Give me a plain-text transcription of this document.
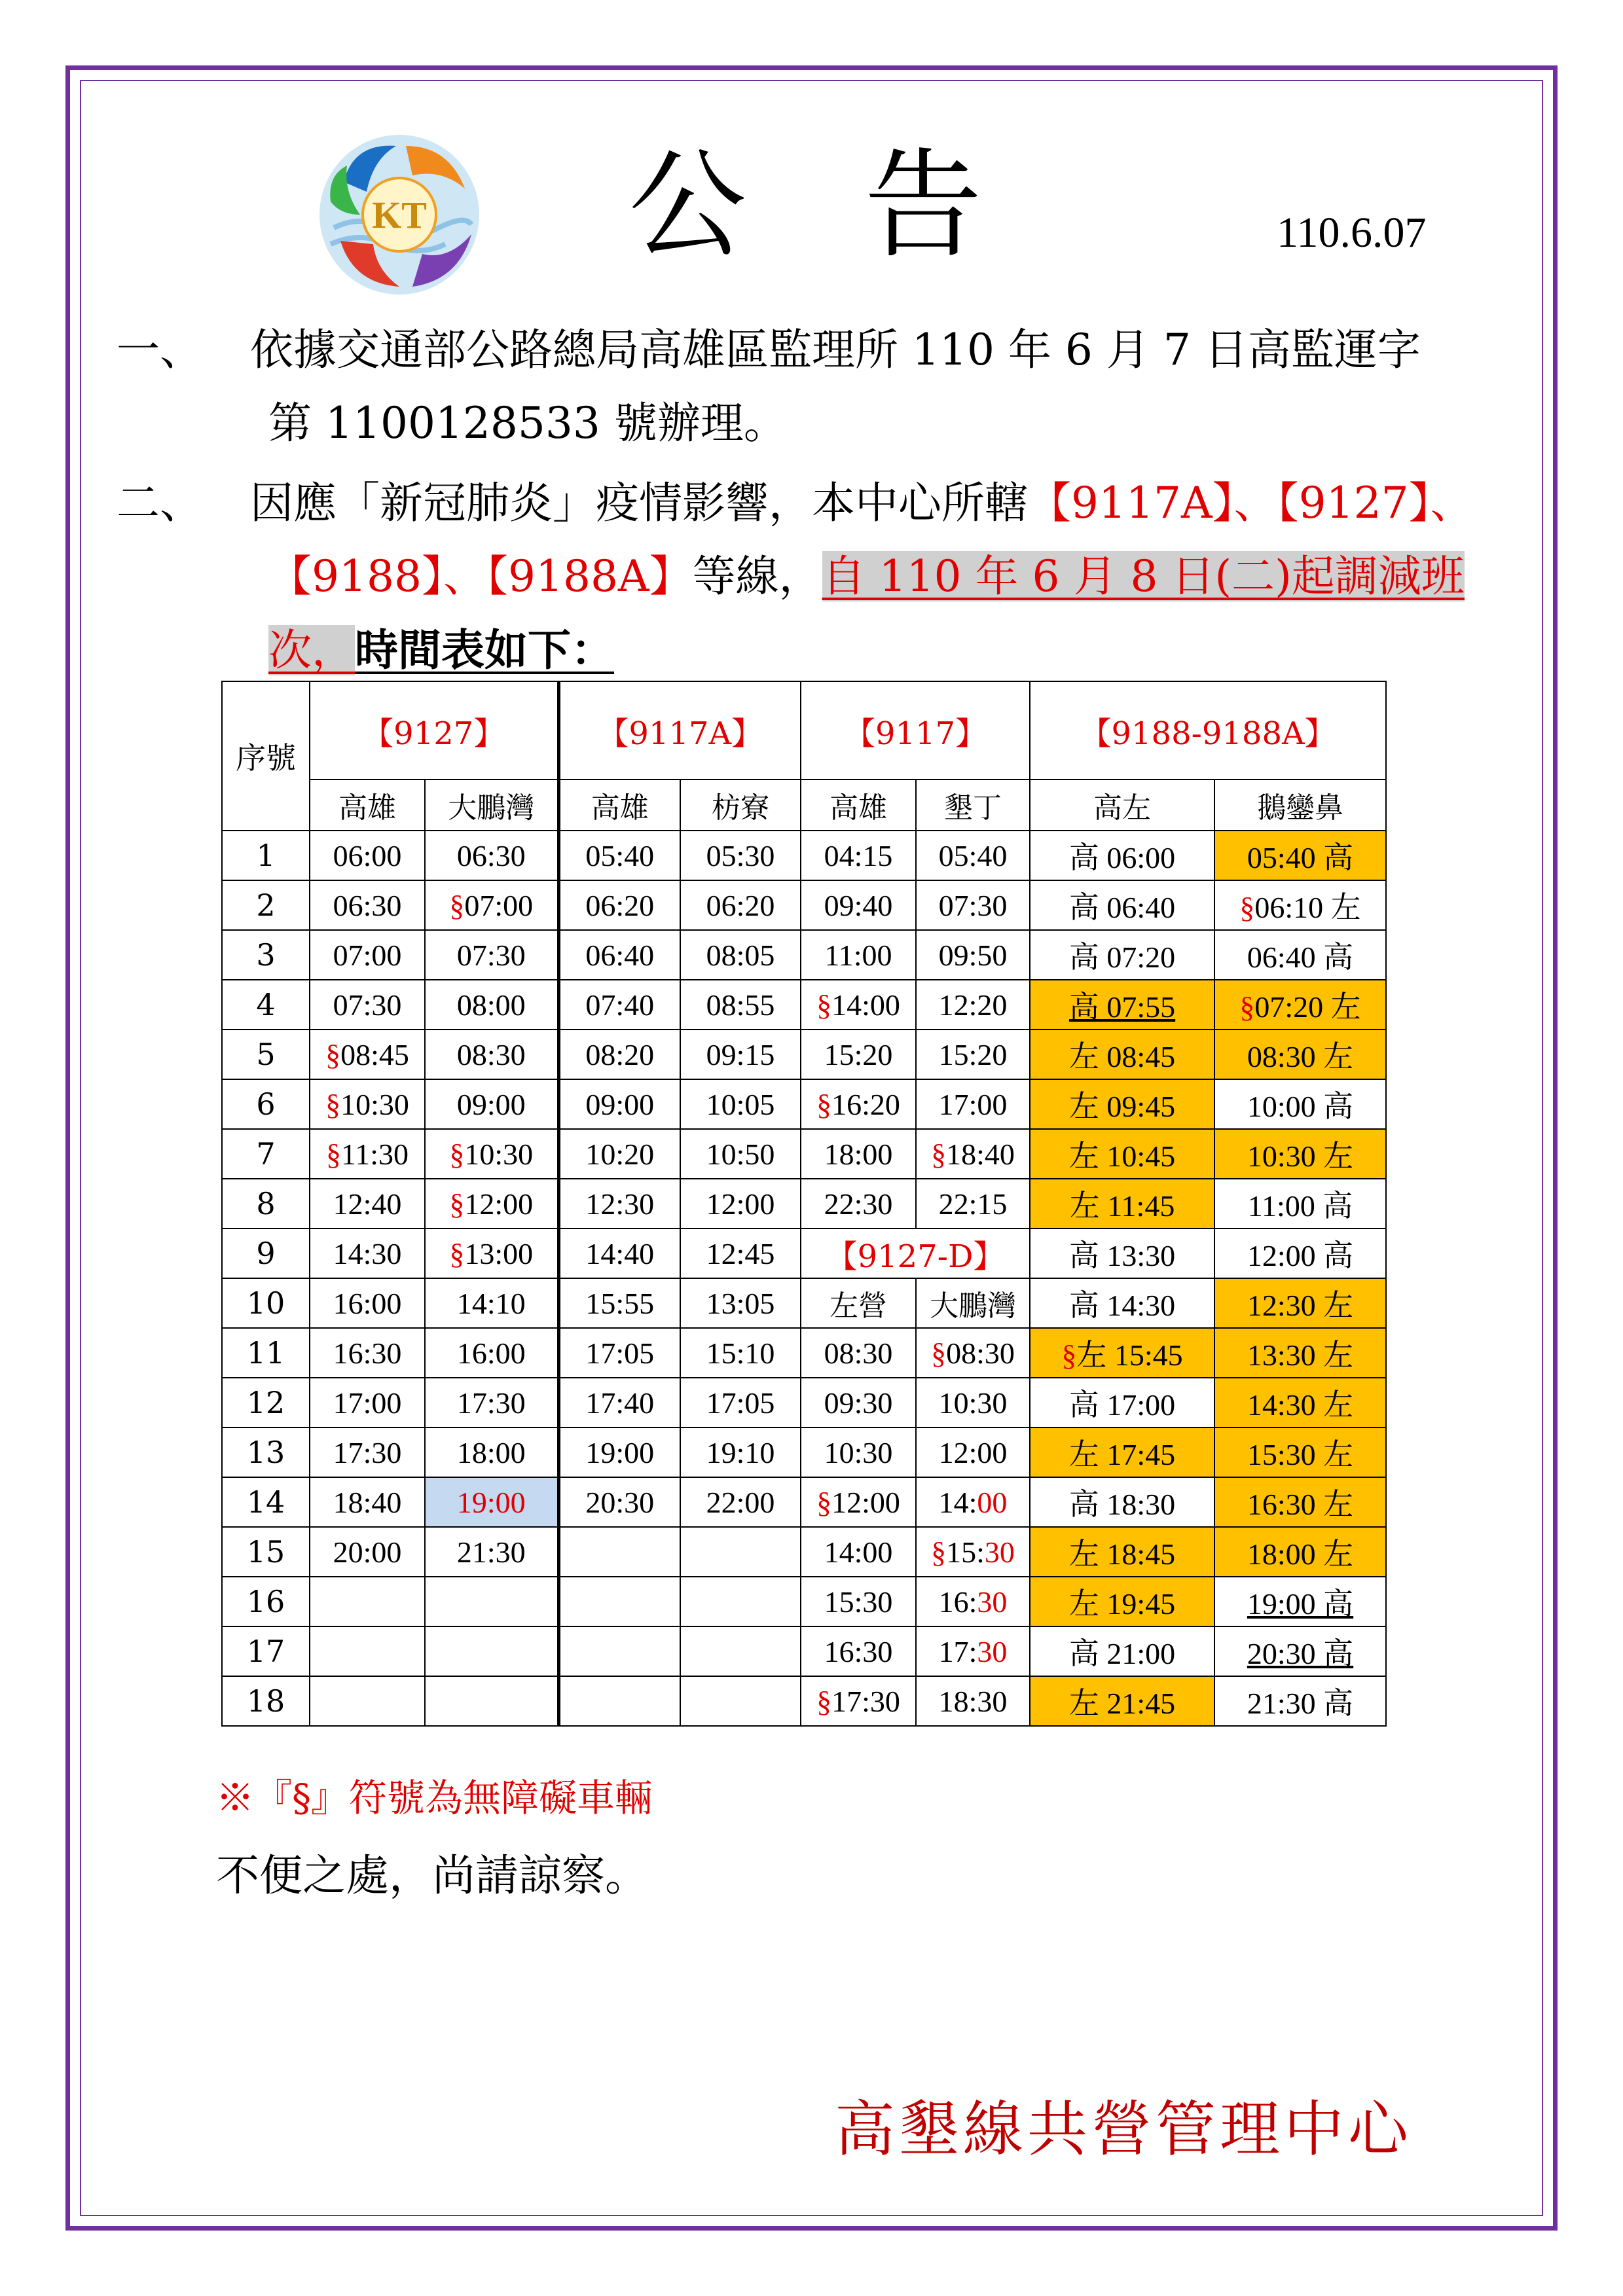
KT 公告	110.6.07
一、 依據交通部公路總局高雄區監理所 110 年 6 月 7 日高監運字
第 1100128533 號辦理。
二、 因應「新冠肺炎」疫情影響，本中心所轄【9117A】、【9127】、
【9188】、【9188A】等線，自 110 年 6 月 8 日(二)起調減班
次，時間表如下：
序號	【9127】		【9117A】		【9117】		【9188-9188A】	
	高雄	大鵬灣	高雄	枋寮	高雄	墾丁	高左	鵝鑾鼻
1	06:00	06:30	05:40	05:30	04:15	05:40	高 06:00	05:40 高
2	06:30	§07:00	06:20	06:20	09:40	07:30	高 06:40	§06:10 左
3	07:00	07:30	06:40	08:05	11:00	09:50	高 07:20	06:40 高
4	07:30	08:00	07:40	08:55	§14:00	12:20	高 07:55	§07:20 左
5	§08:45	08:30	08:20	09:15	15:20	15:20	左 08:45	08:30 左
6	§10:30	09:00	09:00	10:05	§16:20	17:00	左 09:45	10:00 高
7	§11:30	§10:30	10:20	10:50	18:00	§18:40	左 10:45	10:30 左
8	12:40	§12:00	12:30	12:00	22:30	22:15	左 11:45	11:00 高
9	14:30	§13:00	14:40	12:45	【9127-D】		高 13:30	12:00 高
10	16:00	14:10	15:55	13:05	左營	大鵬灣	高 14:30	12:30 左
11	16:30	16:00	17:05	15:10	08:30	§08:30	§左 15:45	13:30 左
12	17:00	17:30	17:40	17:05	09:30	10:30	高 17:00	14:30 左
13	17:30	18:00	19:00	19:10	10:30	12:00	左 17:45	15:30 左
14	18:40	19:00	20:30	22:00	§12:00	14:00	高 18:30	16:30 左
15	20:00	21:30			14:00	§15:30	左 18:45	18:00 左
16					15:30	16:30	左 19:45	19:00 高
17					16:30	17:30	高 21:00	20:30 高
18					§17:30	18:30	左 21:45	21:30 高
※『§』符號為無障礙車輛
不便之處，尚請諒察。
高墾線共營管理中心
